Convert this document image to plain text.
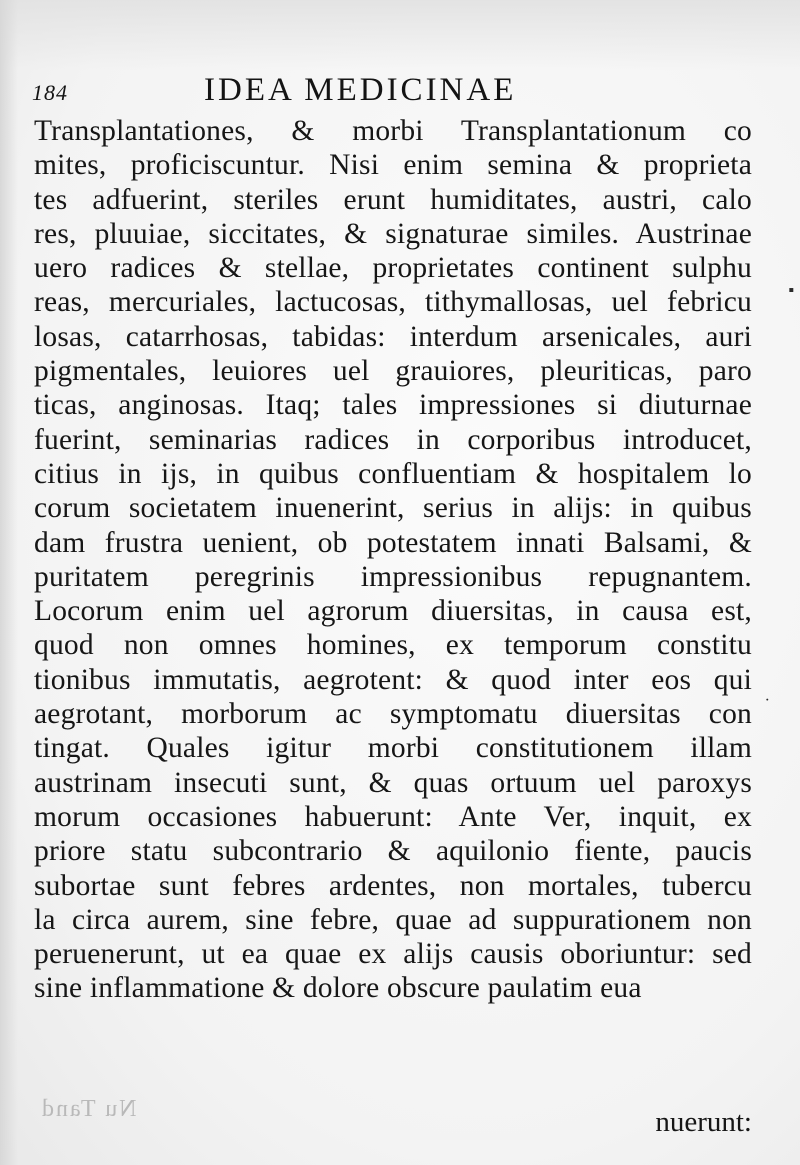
184	IDEA MEDICINAE
Transplantationes, & morbi Transplantationum co
mites, proficiscuntur. Nisi enim semina & proprieta
tes adfuerint, steriles erunt humiditates, austri, calo
res, pluuiae, siccitates, & signaturae similes. Austrinae
uero radices & stellae, proprietates continent sulphu
reas, mercuriales, lactucosas, tithymallosas, uel febricu
losas, catarrhosas, tabidas: interdum arsenicales, auri
pigmentales, leuiores uel grauiores, pleuriticas, paro
ticas, anginosas. Itaq; tales impressiones si diuturnae
fuerint, seminarias radices in corporibus introducet,
citius in ijs, in quibus confluentiam & hospitalem lo
corum societatem inuenerint, serius in alijs: in quibus
dam frustra uenient, ob potestatem innati Balsami, &
puritatem peregrinis impressionibus repugnantem.
Locorum enim uel agrorum diuersitas, in causa est,
quod non omnes homines, ex temporum constitu
tionibus immutatis, aegrotent: & quod inter eos qui
aegrotant, morborum ac symptomatu diuersitas con
tingat. Quales igitur morbi constitutionem illam
austrinam insecuti sunt, & quas ortuum uel paroxys
morum occasiones habuerunt: Ante Ver, inquit, ex
priore statu subcontrario & aquilonio fiente, paucis
subortae sunt febres ardentes, non mortales, tubercu
la circa aurem, sine febre, quae ad suppurationem non
peruenerunt, ut ea quae ex alijs causis oboriuntur: sed
sine inflammatione & dolore obscure paulatim eua
Nu Tand	nuerunt:
▪
·
